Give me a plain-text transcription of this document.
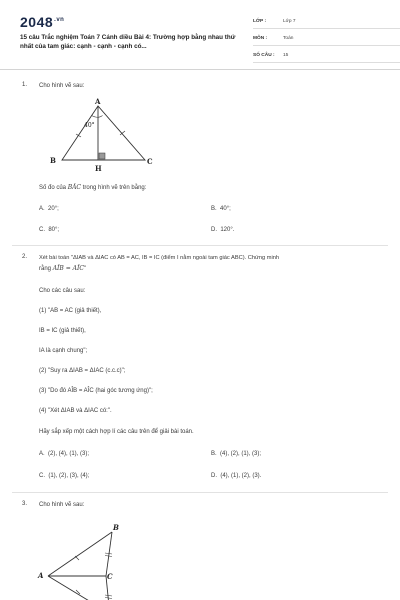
$2048^{.vn}$
15 câu Trắc nghiệm Toán 7 Cánh diều Bài 4: Trường hợp bằng nhau thứ nhất của tam giác: cạnh - cạnh - cạnh có...
LỚP :	Lớp 7
MÔN :	Toán
SỐ CÂU : 15
1. Cho hình vẽ sau:
A
B	C
H
40°
Số đo của BÂC trong hình vẽ trên bằng:
A. 20°;	B. 40°;
C. 80°;	D. 120°.
2. Xét bài toán "ΔIAB và ΔIAC có AB = AC, IB = IC (điểm I nằm ngoài tam giác ABC). Chứng minh
rằng AÎB = AÎC"
Cho các câu sau:
(1) "AB = AC (giả thiết),
IB = IC (giả thiết),
IA là cạnh chung";
(2) "Suy ra ΔIAB = ΔIAC (c.c.c)";
(3) "Do đó AÎB = AÎC (hai góc tương ứng)";
(4) "Xét ΔIAB và ΔIAC có:".
Hãy sắp xếp một cách hợp lí các câu trên để giải bài toán.
A. (2), (4), (1), (3);	B. (4), (2), (1), (3);
C. (1), (2), (3), (4);	D. (4), (1), (2), (3).
3. Cho hình vẽ sau:
B
A	C
